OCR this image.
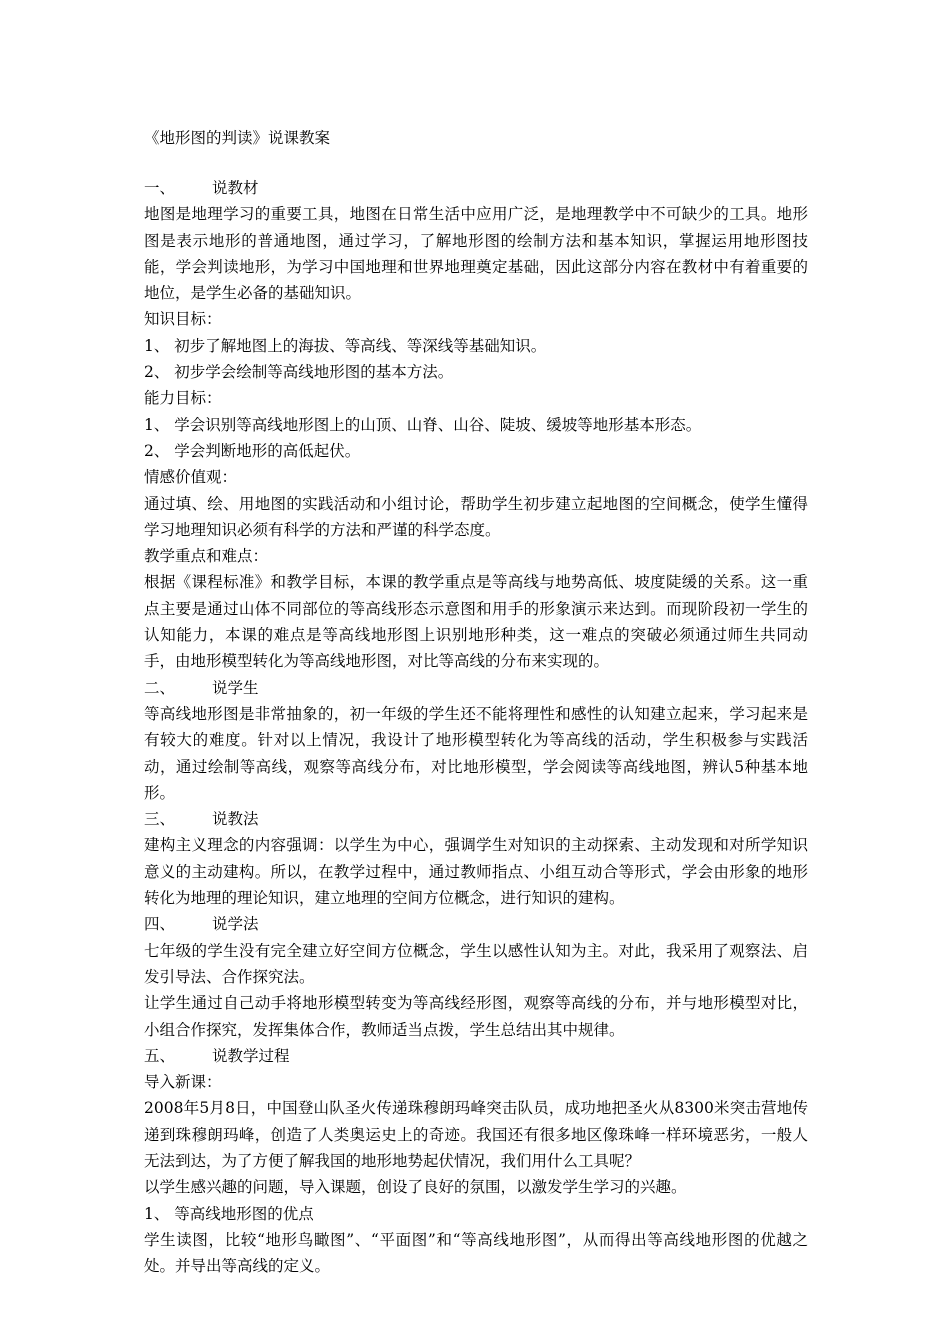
《地形图的判读》说课教案

一、	说教材

地图是地理学习的重要工具，地图在日常生活中应用广泛，是地理教学中不可缺少的工具。地形图是表示地形的普通地图，通过学习，了解地形图的绘制方法和基本知识，掌握运用地形图技能，学会判读地形，为学习中国地理和世界地理奠定基础，因此这部分内容在教材中有着重要的地位，是学生必备的基础知识。

知识目标：

1、 初步了解地图上的海拔、等高线、等深线等基础知识。

2、 初步学会绘制等高线地形图的基本方法。

能力目标：

1、 学会识别等高线地形图上的山顶、山脊、山谷、陡坡、缓坡等地形基本形态。

2、 学会判断地形的高低起伏。

情感价值观：

通过填、绘、用地图的实践活动和小组讨论，帮助学生初步建立起地图的空间概念，使学生懂得学习地理知识必须有科学的方法和严谨的科学态度。

教学重点和难点：

根据《课程标准》和教学目标，本课的教学重点是等高线与地势高低、坡度陡缓的关系。这一重点主要是通过山体不同部位的等高线形态示意图和用手的形象演示来达到。而现阶段初一学生的认知能力，本课的难点是等高线地形图上识别地形种类，这一难点的突破必须通过师生共同动手，由地形模型转化为等高线地形图，对比等高线的分布来实现的。

二、	说学生

等高线地形图是非常抽象的，初一年级的学生还不能将理性和感性的认知建立起来，学习起来是有较大的难度。针对以上情况，我设计了地形模型转化为等高线的活动，学生积极参与实践活动，通过绘制等高线，观察等高线分布，对比地形模型，学会阅读等高线地图，辨认5种基本地形。

三、	说教法

建构主义理念的内容强调：以学生为中心，强调学生对知识的主动探索、主动发现和对所学知识意义的主动建构。所以，在教学过程中，通过教师指点、小组互动合等形式，学会由形象的地形转化为地理的理论知识，建立地理的空间方位概念，进行知识的建构。

四、	说学法

七年级的学生没有完全建立好空间方位概念，学生以感性认知为主。对此，我采用了观察法、启发引导法、合作探究法。

让学生通过自己动手将地形模型转变为等高线经形图，观察等高线的分布，并与地形模型对比，小组合作探究，发挥集体合作，教师适当点拨，学生总结出其中规律。

五、	说教学过程

导入新课：

2008年5月8日，中国登山队圣火传递珠穆朗玛峰突击队员，成功地把圣火从8300米突击营地传递到珠穆朗玛峰，创造了人类奥运史上的奇迹。我国还有很多地区像珠峰一样环境恶劣，一般人无法到达，为了方便了解我国的地形地势起伏情况，我们用什么工具呢？

以学生感兴趣的问题，导入课题，创设了良好的氛围，以激发学生学习的兴趣。

1、 等高线地形图的优点

学生读图，比较“地形鸟瞰图”、“平面图”和“等高线地形图”，从而得出等高线地形图的优越之处。并导出等高线的定义。
